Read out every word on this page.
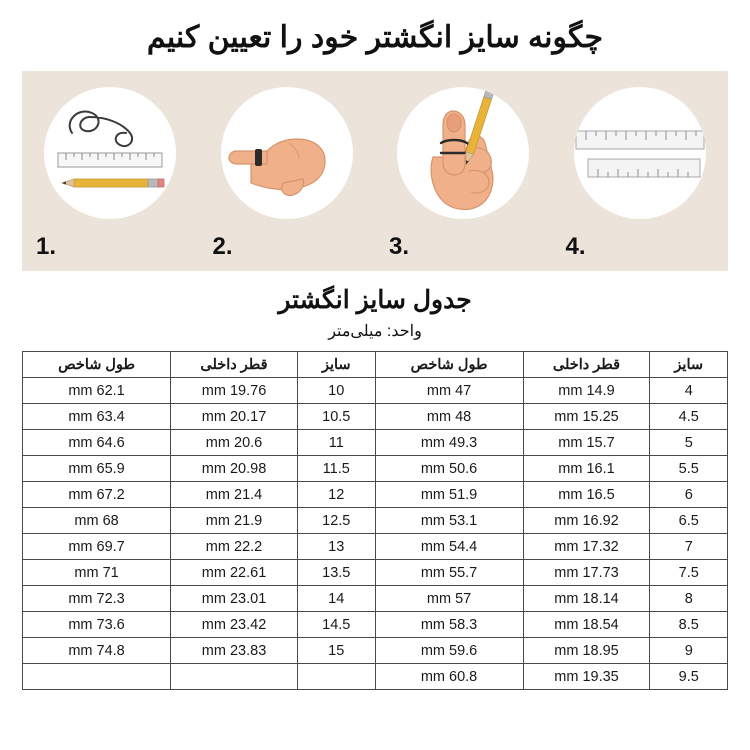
چگونه سایز انگشتر خود را تعیین کنیم
1.	2.	3.	4.
جدول سایز انگشتر
واحد: میلی‌متر
سایز	قطر داخلی	طول شاخص	سایز	قطر داخلی	طول شاخص
4	14.9 mm	47 mm	10	19.76 mm	62.1 mm
4.5	15.25 mm	48 mm	10.5	20.17 mm	63.4 mm
5	15.7 mm	49.3 mm	11	20.6 mm	64.6 mm
5.5	16.1 mm	50.6 mm	11.5	20.98 mm	65.9 mm
6	16.5 mm	51.9 mm	12	21.4 mm	67.2 mm
6.5	16.92 mm	53.1 mm	12.5	21.9 mm	68 mm
7	17.32 mm	54.4 mm	13	22.2 mm	69.7 mm
7.5	17.73 mm	55.7 mm	13.5	22.61 mm	71 mm
8	18.14 mm	57 mm	14	23.01 mm	72.3 mm
8.5	18.54 mm	58.3 mm	14.5	23.42 mm	73.6 mm
9	18.95 mm	59.6 mm	15	23.83 mm	74.8 mm
9.5	19.35 mm	60.8 mm			
